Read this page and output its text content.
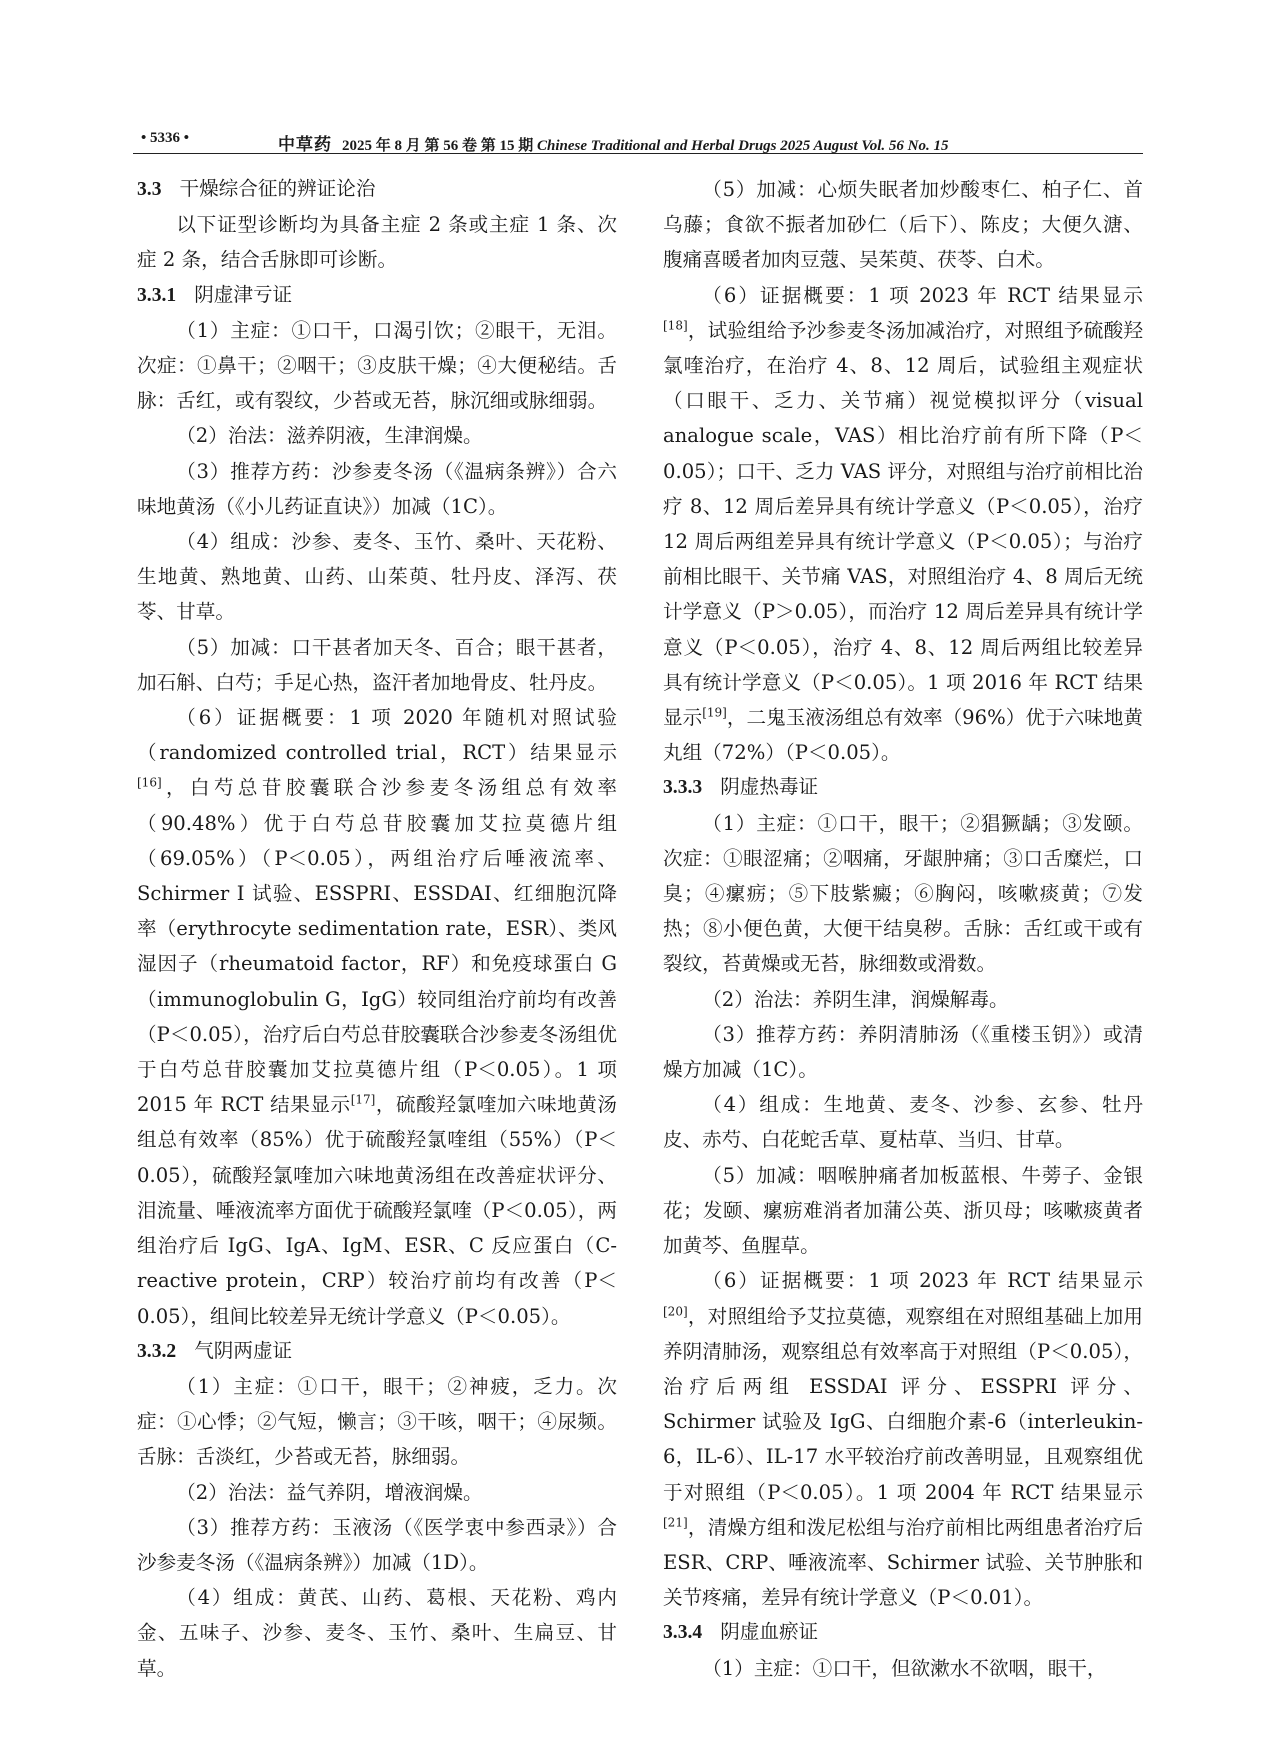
• 5336 •	中草药 2025 年 8 月 第 56 卷 第 15 期 Chinese Traditional and Herbal Drugs 2025 August Vol. 56 No. 15

3.3 干燥综合征的辨证论治

以下证型诊断均为具备主症 2 条或主症 1 条、次症 2 条，结合舌脉即可诊断。

3.3.1 阴虚津亏证

（1）主症：①口干，口渴引饮；②眼干，无泪。次症：①鼻干；②咽干；③皮肤干燥；④大便秘结。舌脉：舌红，或有裂纹，少苔或无苔，脉沉细或脉细弱。

（2）治法：滋养阴液，生津润燥。

（3）推荐方药：沙参麦冬汤（《温病条辨》）合六味地黄汤（《小儿药证直诀》）加减（1C）。

（4）组成：沙参、麦冬、玉竹、桑叶、天花粉、生地黄、熟地黄、山药、山茱萸、牡丹皮、泽泻、茯苓、甘草。

（5）加减：口干甚者加天冬、百合；眼干甚者，加石斛、白芍；手足心热，盗汗者加地骨皮、牡丹皮。

（6）证据概要：1 项 2020 年随机对照试验（randomized controlled trial，RCT）结果显示[16]，白芍总苷胶囊联合沙参麦冬汤组总有效率（90.48%）优于白芍总苷胶囊加艾拉莫德片组（69.05%）（P＜0.05），两组治疗后唾液流率、Schirmer I 试验、ESSPRI、ESSDAI、红细胞沉降率（erythrocyte sedimentation rate，ESR）、类风湿因子（rheumatoid factor，RF）和免疫球蛋白 G（immunoglobulin G，IgG）较同组治疗前均有改善（P＜0.05），治疗后白芍总苷胶囊联合沙参麦冬汤组优于白芍总苷胶囊加艾拉莫德片组（P＜0.05）。1 项 2015 年 RCT 结果显示[17]，硫酸羟氯喹加六味地黄汤组总有效率（85%）优于硫酸羟氯喹组（55%）（P＜0.05），硫酸羟氯喹加六味地黄汤组在改善症状评分、泪流量、唾液流率方面优于硫酸羟氯喹（P＜0.05），两组治疗后 IgG、IgA、IgM、ESR、C 反应蛋白（C-reactive protein，CRP）较治疗前均有改善（P＜0.05），组间比较差异无统计学意义（P＜0.05）。

3.3.2 气阴两虚证

（1）主症：①口干，眼干；②神疲，乏力。次症：①心悸；②气短，懒言；③干咳，咽干；④尿频。舌脉：舌淡红，少苔或无苔，脉细弱。

（2）治法：益气养阴，增液润燥。

（3）推荐方药：玉液汤（《医学衷中参西录》）合沙参麦冬汤（《温病条辨》）加减（1D）。

（4）组成：黄芪、山药、葛根、天花粉、鸡内金、五味子、沙参、麦冬、玉竹、桑叶、生扁豆、甘草。

（5）加减：心烦失眠者加炒酸枣仁、柏子仁、首乌藤；食欲不振者加砂仁（后下）、陈皮；大便久溏、腹痛喜暖者加肉豆蔻、吴茱萸、茯苓、白术。

（6）证据概要：1 项 2023 年 RCT 结果显示[18]，试验组给予沙参麦冬汤加减治疗，对照组予硫酸羟氯喹治疗，在治疗 4、8、12 周后，试验组主观症状（口眼干、乏力、关节痛）视觉模拟评分（visual analogue scale，VAS）相比治疗前有所下降（P＜0.05）；口干、乏力 VAS 评分，对照组与治疗前相比治疗 8、12 周后差异具有统计学意义（P＜0.05），治疗 12 周后两组差异具有统计学意义（P＜0.05）；与治疗前相比眼干、关节痛 VAS，对照组治疗 4、8 周后无统计学意义（P＞0.05），而治疗 12 周后差异具有统计学意义（P＜0.05），治疗 4、8、12 周后两组比较差异具有统计学意义（P＜0.05）。1 项 2016 年 RCT 结果显示[19]，二鬼玉液汤组总有效率（96%）优于六味地黄丸组（72%）（P＜0.05）。

3.3.3 阴虚热毒证

（1）主症：①口干，眼干；②猖獗龋；③发颐。次症：①眼涩痛；②咽痛，牙龈肿痛；③口舌糜烂，口臭；④瘰疬；⑤下肢紫癜；⑥胸闷，咳嗽痰黄；⑦发热；⑧小便色黄，大便干结臭秽。舌脉：舌红或干或有裂纹，苔黄燥或无苔，脉细数或滑数。

（2）治法：养阴生津，润燥解毒。

（3）推荐方药：养阴清肺汤（《重楼玉钥》）或清燥方加减（1C）。

（4）组成：生地黄、麦冬、沙参、玄参、牡丹皮、赤芍、白花蛇舌草、夏枯草、当归、甘草。

（5）加减：咽喉肿痛者加板蓝根、牛蒡子、金银花；发颐、瘰疬难消者加蒲公英、浙贝母；咳嗽痰黄者加黄芩、鱼腥草。

（6）证据概要：1 项 2023 年 RCT 结果显示[20]，对照组给予艾拉莫德，观察组在对照组基础上加用养阴清肺汤，观察组总有效率高于对照组（P＜0.05），治疗后两组 ESSDAI 评分、ESSPRI 评分、Schirmer 试验及 IgG、白细胞介素-6（interleukin-6，IL-6）、IL-17 水平较治疗前改善明显，且观察组优于对照组（P＜0.05）。1 项 2004 年 RCT 结果显示[21]，清燥方组和泼尼松组与治疗前相比两组患者治疗后 ESR、CRP、唾液流率、Schirmer 试验、关节肿胀和关节疼痛，差异有统计学意义（P＜0.01）。

3.3.4 阴虚血瘀证

（1）主症：①口干，但欲漱水不欲咽，眼干，
